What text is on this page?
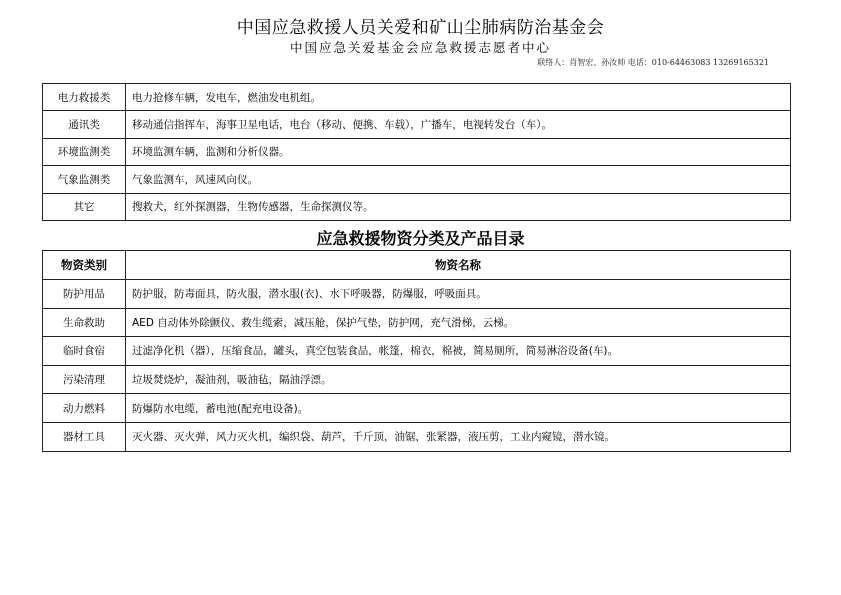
中国应急救援人员关爱和矿山尘肺病防治基金会
中国应急关爱基金会应急救援志愿者中心
联络人：肖智宏、孙汝帅 电话：010-64463083 13269165321
电力救援类	电力抢修车辆，发电车，燃油发电机组。
通讯类	移动通信指挥车，海事卫星电话，电台（移动、便携、车载），广播车，电视转发台（车）。
环境监测类	环境监测车辆，监测和分析仪器。
气象监测类	气象监测车，风速风向仪。
其它	搜救犬，红外探测器，生物传感器，生命探测仪等。
应急救援物资分类及产品目录
物资类别	物资名称
防护用品	防护服，防毒面具，防火服，潜水服(衣)、水下呼吸器，防爆服，呼吸面具。
生命救助	AED 自动体外除颤仪、救生缆索，减压舱，保护气垫，防护网，充气滑梯，云梯。
临时食宿	过滤净化机（器），压缩食品，罐头，真空包装食品，帐篷，棉衣，棉被，简易厕所，简易淋浴设备(车)。
污染清理	垃圾焚烧炉，凝油剂，吸油毡，隔油浮漂。
动力燃料	防爆防水电缆，蓄电池(配充电设备)。
器材工具	灭火器、灭火弹，风力灭火机，编织袋、葫芦，千斤顶，油锯，张紧器，液压剪，工业内窥镜，潜水镜。
